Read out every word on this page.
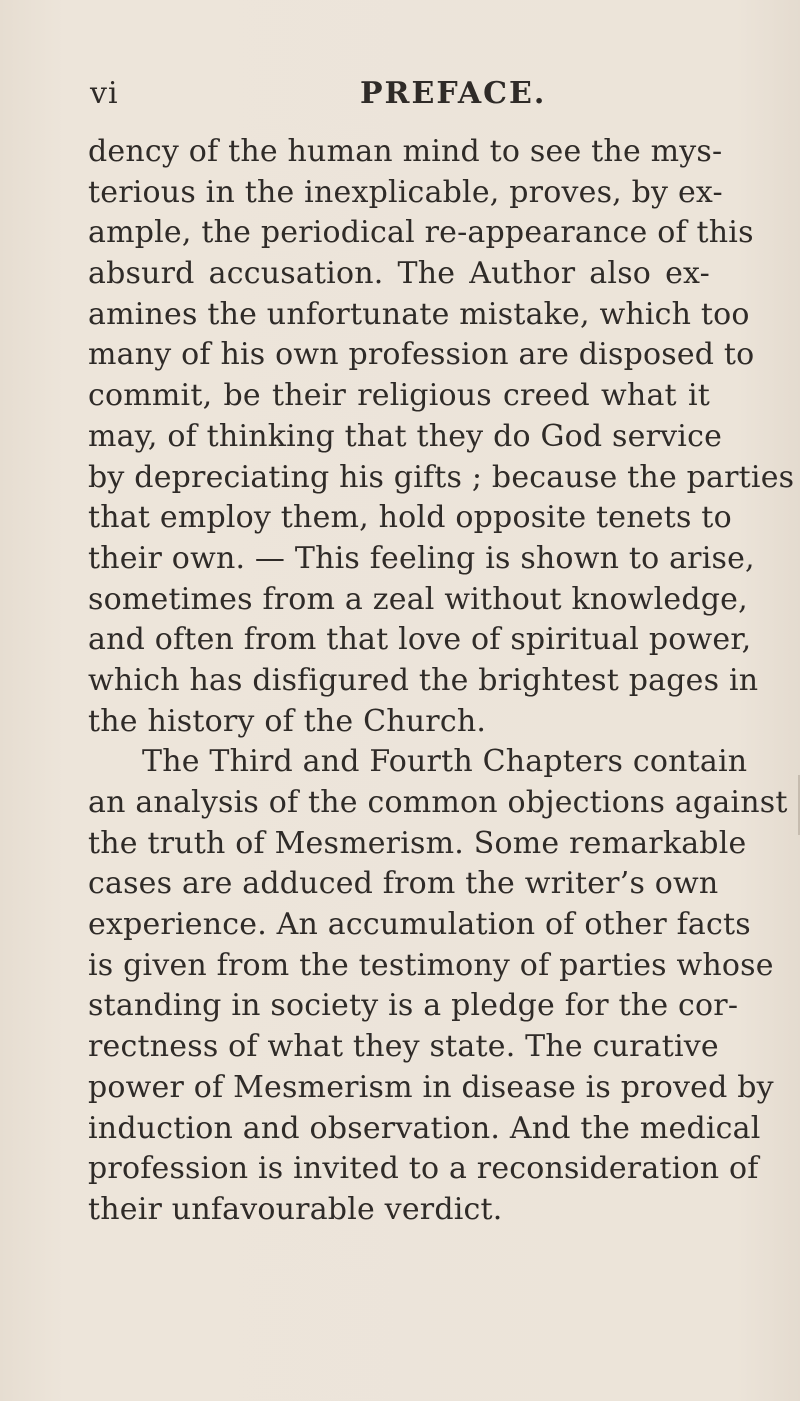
vi	PREFACE.
dency of the human mind to see the mys-
terious in the inexplicable, proves, by ex-
ample, the periodical re-appearance of this
absurd accusation. The Author also ex-
amines the unfortunate mistake, which too
many of his own profession are disposed to
commit, be their religious creed what it
may, of thinking that they do God service
by depreciating his gifts ; because the parties
that employ them, hold opposite tenets to
their own. — This feeling is shown to arise,
sometimes from a zeal without knowledge,
and often from that love of spiritual power,
which has disfigured the brightest pages in
the history of the Church.
The Third and Fourth Chapters contain
an analysis of the common objections against
the truth of Mesmerism. Some remarkable
cases are adduced from the writer’s own
experience. An accumulation of other facts
is given from the testimony of parties whose
standing in society is a pledge for the cor-
rectness of what they state. The curative
power of Mesmerism in disease is proved by
induction and observation. And the medical
profession is invited to a reconsideration of
their unfavourable verdict.
